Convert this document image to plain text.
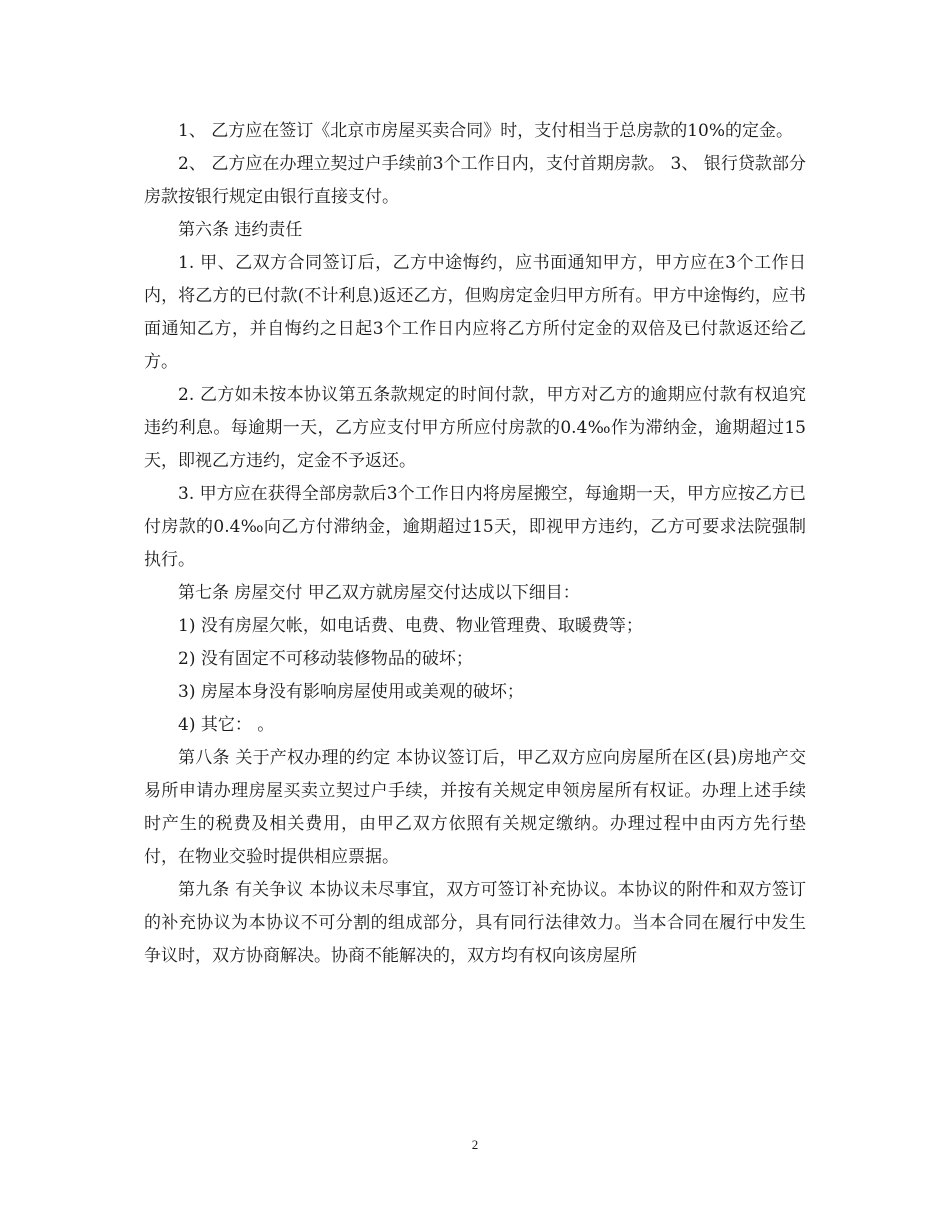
1、 乙方应在签订《北京市房屋买卖合同》时，支付相当于总房款的10%的定金。

2、 乙方应在办理立契过户手续前3个工作日内，支付首期房款。 3、 银行贷款部分房款按银行规定由银行直接支付。

第六条 违约责任

1. 甲、乙双方合同签订后，乙方中途悔约，应书面通知甲方，甲方应在3个工作日内，将乙方的已付款(不计利息)返还乙方，但购房定金归甲方所有。甲方中途悔约，应书面通知乙方，并自悔约之日起3个工作日内应将乙方所付定金的双倍及已付款返还给乙方。

2. 乙方如未按本协议第五条款规定的时间付款，甲方对乙方的逾期应付款有权追究违约利息。每逾期一天，乙方应支付甲方所应付房款的0.4‰作为滞纳金，逾期超过15天，即视乙方违约，定金不予返还。

3. 甲方应在获得全部房款后3个工作日内将房屋搬空，每逾期一天，甲方应按乙方已付房款的0.4‰向乙方付滞纳金，逾期超过15天，即视甲方违约，乙方可要求法院强制执行。

第七条 房屋交付 甲乙双方就房屋交付达成以下细目：

1) 没有房屋欠帐，如电话费、电费、物业管理费、取暖费等；

2) 没有固定不可移动装修物品的破坏；

3) 房屋本身没有影响房屋使用或美观的破坏；

4) 其它： 。

第八条 关于产权办理的约定 本协议签订后，甲乙双方应向房屋所在区(县)房地产交易所申请办理房屋买卖立契过户手续，并按有关规定申领房屋所有权证。办理上述手续时产生的税费及相关费用，由甲乙双方依照有关规定缴纳。办理过程中由丙方先行垫付，在物业交验时提供相应票据。

第九条 有关争议 本协议未尽事宜，双方可签订补充协议。本协议的附件和双方签订的补充协议为本协议不可分割的组成部分，具有同行法律效力。当本合同在履行中发生争议时，双方协商解决。协商不能解决的，双方均有权向该房屋所

2
